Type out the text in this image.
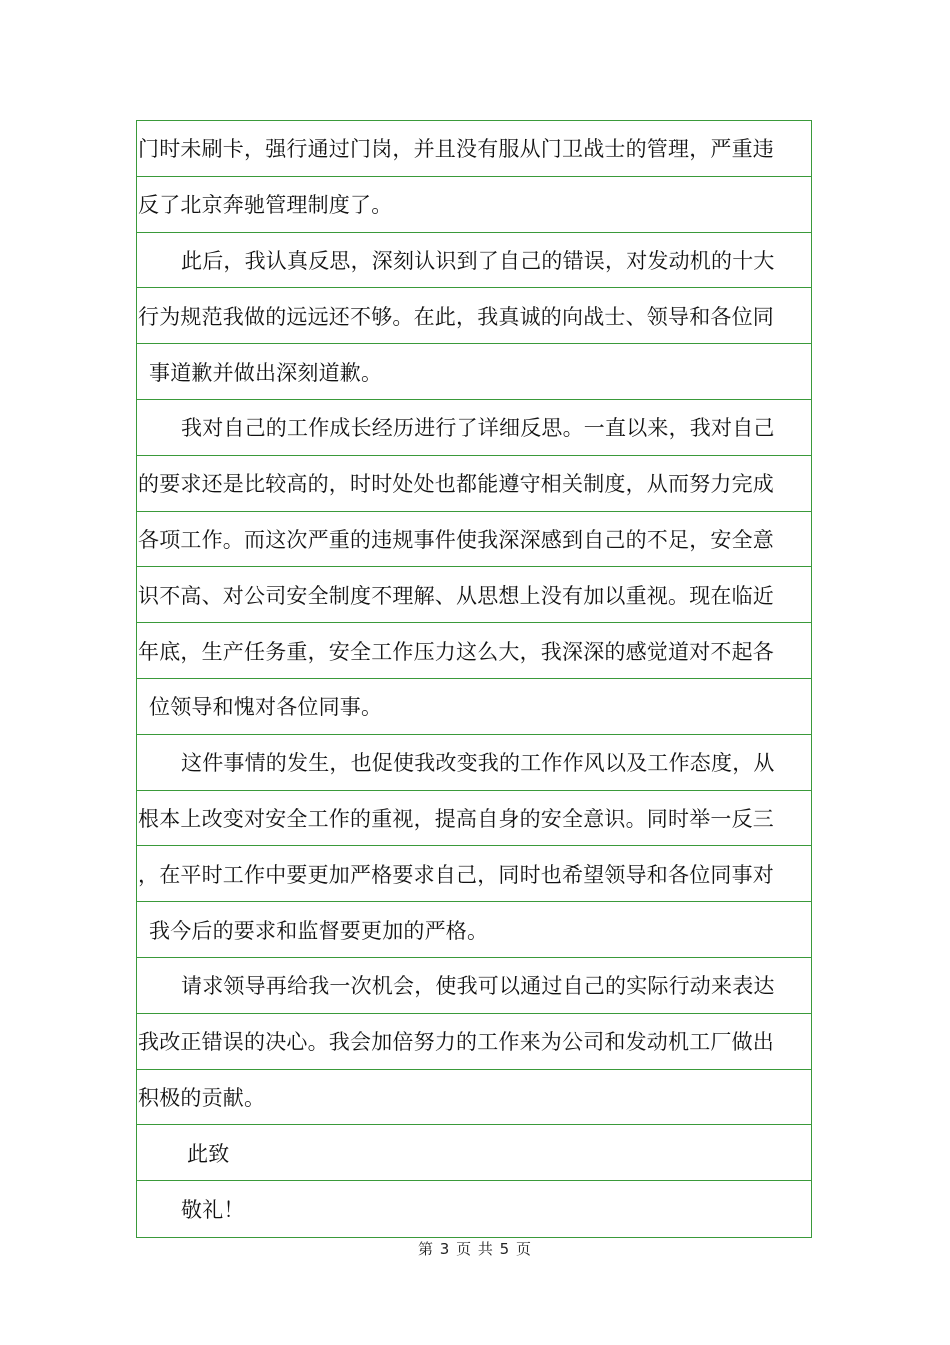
门时未刷卡，强行通过门岗，并且没有服从门卫战士的管理，严重违
反了北京奔驰管理制度了。
此后，我认真反思，深刻认识到了自己的错误，对发动机的十大
行为规范我做的远远还不够。在此，我真诚的向战士、领导和各位同
事道歉并做出深刻道歉。
我对自己的工作成长经历进行了详细反思。一直以来，我对自己
的要求还是比较高的，时时处处也都能遵守相关制度，从而努力完成
各项工作。而这次严重的违规事件使我深深感到自己的不足，安全意
识不高、对公司安全制度不理解、从思想上没有加以重视。现在临近
年底，生产任务重，安全工作压力这么大，我深深的感觉道对不起各
位领导和愧对各位同事。
这件事情的发生，也促使我改变我的工作作风以及工作态度，从
根本上改变对安全工作的重视，提高自身的安全意识。同时举一反三
，在平时工作中要更加严格要求自己，同时也希望领导和各位同事对
我今后的要求和监督要更加的严格。
请求领导再给我一次机会，使我可以通过自己的实际行动来表达
我改正错误的决心。我会加倍努力的工作来为公司和发动机工厂做出
积极的贡献。
此致
敬礼！
第 3 页 共 5 页
